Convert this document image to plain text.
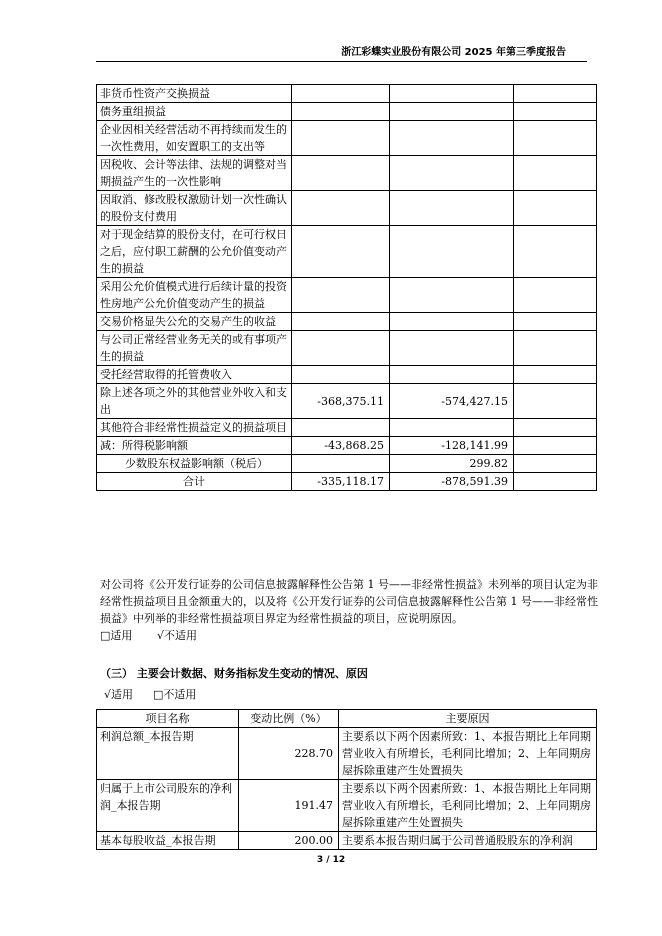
浙江彩蝶实业股份有限公司 2025 年第三季度报告
非货币性资产交换损益			
债务重组损益			
企业因相关经营活动不再持续而发生的一次性费用，如安置职工的支出等			
因税收、会计等法律、法规的调整对当期损益产生的一次性影响			
因取消、修改股权激励计划一次性确认的股份支付费用			
对于现金结算的股份支付，在可行权日之后，应付职工薪酬的公允价值变动产生的损益			
采用公允价值模式进行后续计量的投资性房地产公允价值变动产生的损益			
交易价格显失公允的交易产生的收益			
与公司正常经营业务无关的或有事项产生的损益			
受托经营取得的托管费收入			
除上述各项之外的其他营业外收入和支出	-368,375.11	-574,427.15	
其他符合非经常性损益定义的损益项目			
减：所得税影响额	-43,868.25	-128,141.99	
少数股东权益影响额（税后）		299.82	
合计	-335,118.17	-878,591.39	
对公司将《公开发行证券的公司信息披露解释性公告第 1 号——非经常性损益》未列举的项目认定为非经常性损益项目且金额重大的，以及将《公开发行证券的公司信息披露解释性公告第 1 号——非经常性损益》中列举的非经常性损益项目界定为经常性损益的项目，应说明原因。
□适用 √不适用
（三） 主要会计数据、财务指标发生变动的情况、原因
√适用 □不适用
项目名称	变动比例（%）	主要原因
利润总额_本报告期	228.70	主要系以下两个因素所致：1、本报告期比上年同期营业收入有所增长，毛利同比增加；2、上年同期房屋拆除重建产生处置损失
归属于上市公司股东的净利润_本报告期	191.47	主要系以下两个因素所致：1、本报告期比上年同期营业收入有所增长，毛利同比增加；2、上年同期房屋拆除重建产生处置损失
基本每股收益_本报告期	200.00	主要系本报告期归属于公司普通股股东的净利润
3 / 12
